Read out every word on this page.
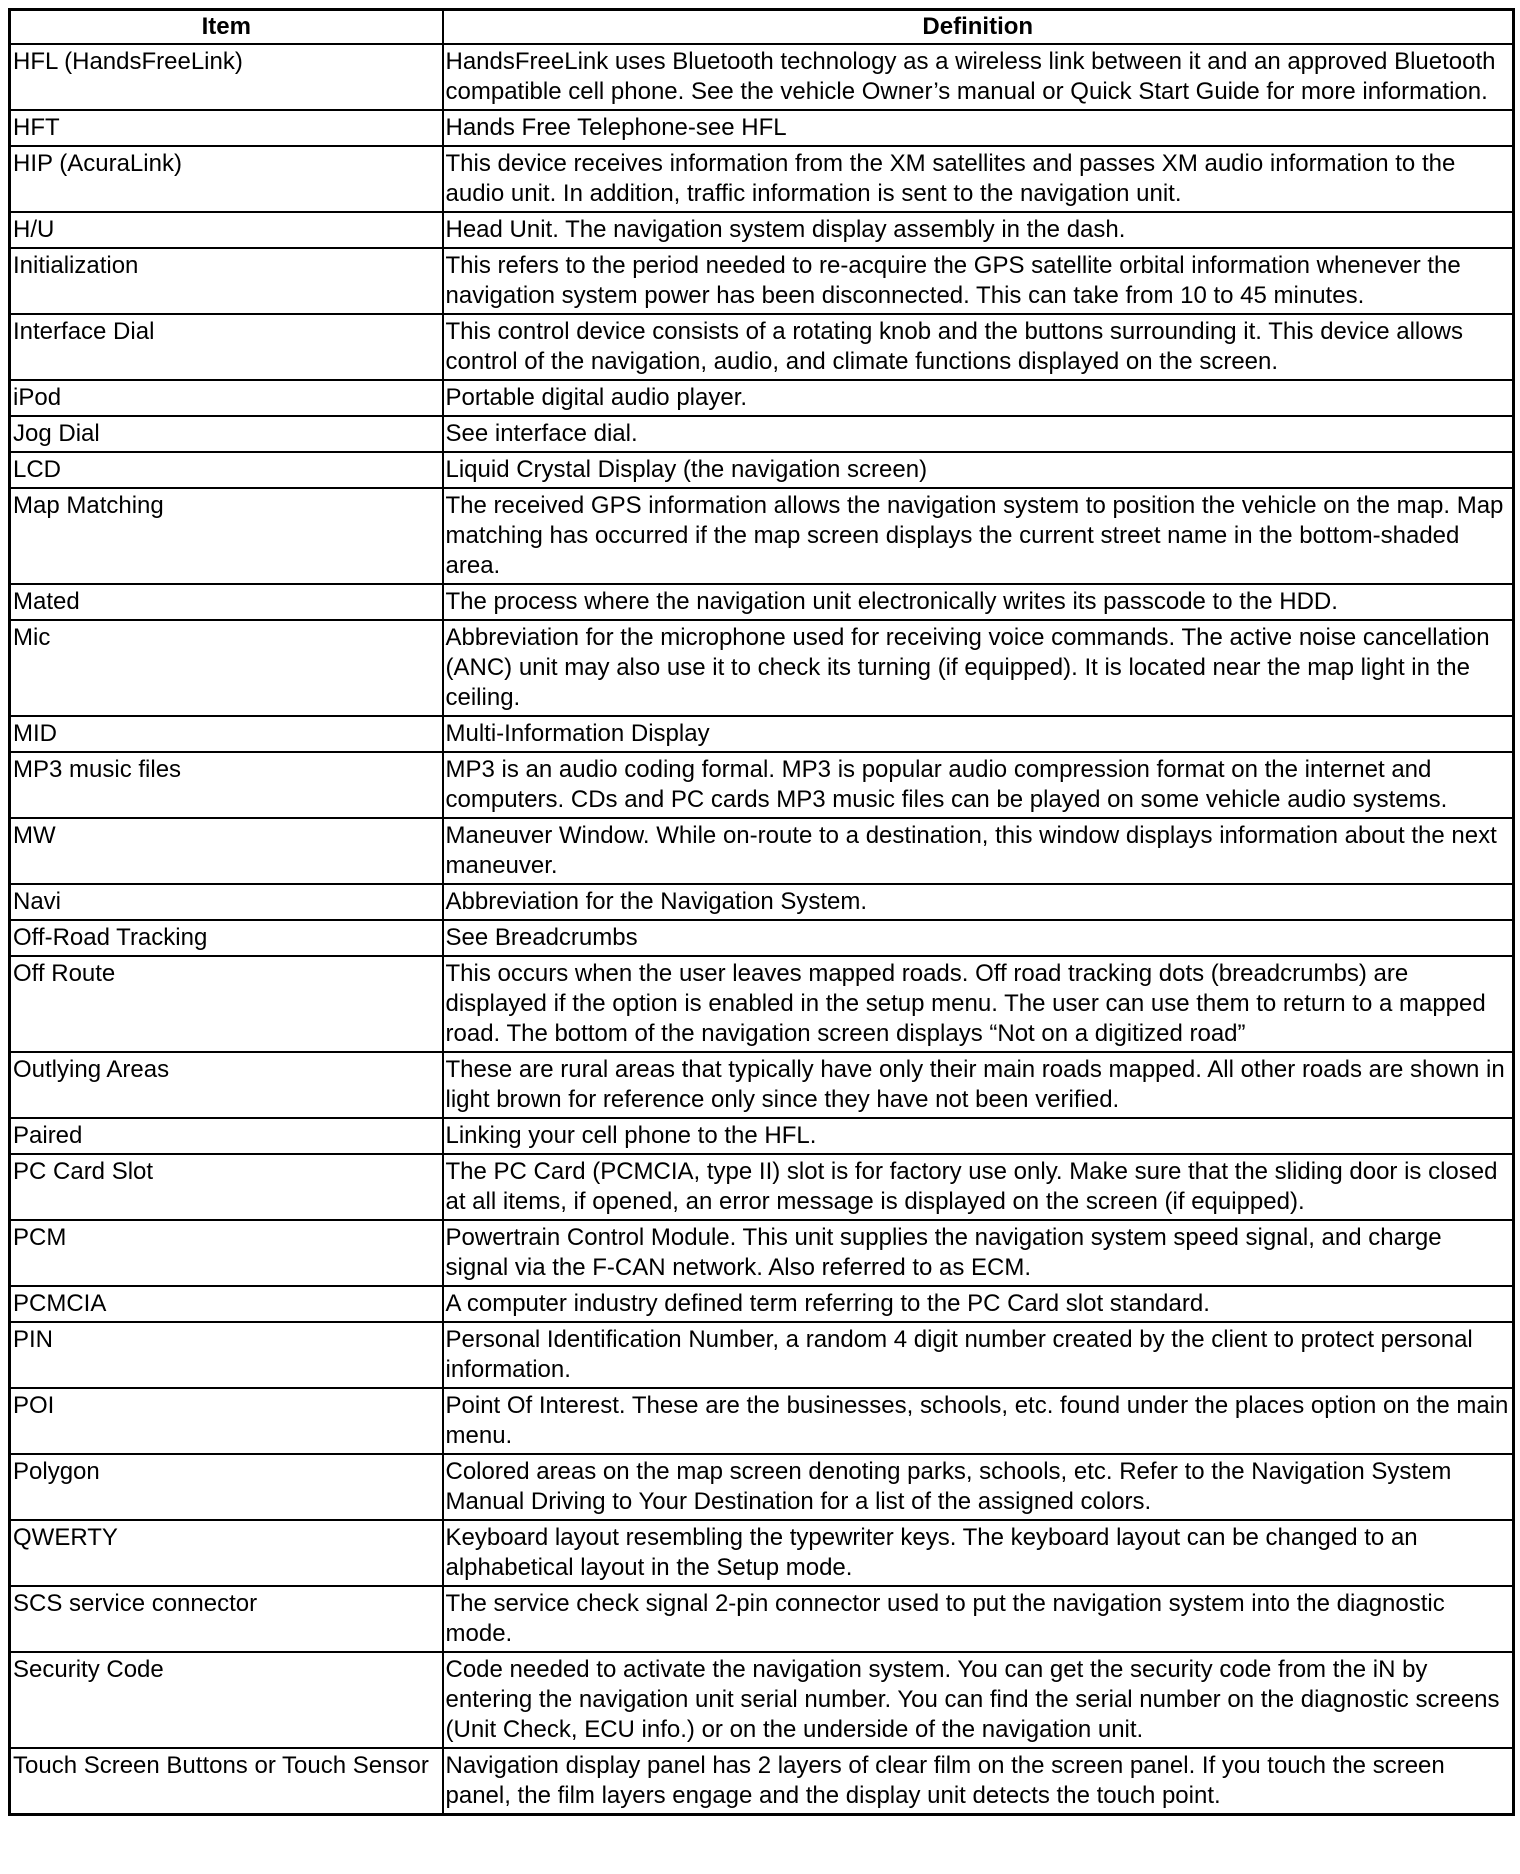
Item	Definition
HFL (HandsFreeLink)	HandsFreeLink uses Bluetooth technology as a wireless link between it and an approved Bluetooth compatible cell phone. See the vehicle Owner’s manual or Quick Start Guide for more information.
HFT	Hands Free Telephone-see HFL
HIP (AcuraLink)	This device receives information from the XM satellites and passes XM audio information to the audio unit. In addition, traffic information is sent to the navigation unit.
H/U	Head Unit. The navigation system display assembly in the dash.
Initialization	This refers to the period needed to re-acquire the GPS satellite orbital information whenever the navigation system power has been disconnected. This can take from 10 to 45 minutes.
Interface Dial	This control device consists of a rotating knob and the buttons surrounding it. This device allows control of the navigation, audio, and climate functions displayed on the screen.
iPod	Portable digital audio player.
Jog Dial	See interface dial.
LCD	Liquid Crystal Display (the navigation screen)
Map Matching	The received GPS information allows the navigation system to position the vehicle on the map. Map matching has occurred if the map screen displays the current street name in the bottom-shaded area.
Mated	The process where the navigation unit electronically writes its passcode to the HDD.
Mic	Abbreviation for the microphone used for receiving voice commands. The active noise cancellation (ANC) unit may also use it to check its turning (if equipped). It is located near the map light in the ceiling.
MID	Multi-Information Display
MP3 music files	MP3 is an audio coding formal. MP3 is popular audio compression format on the internet and computers. CDs and PC cards MP3 music files can be played on some vehicle audio systems.
MW	Maneuver Window. While on-route to a destination, this window displays information about the next maneuver.
Navi	Abbreviation for the Navigation System.
Off-Road Tracking	See Breadcrumbs
Off Route	This occurs when the user leaves mapped roads. Off road tracking dots (breadcrumbs) are displayed if the option is enabled in the setup menu. The user can use them to return to a mapped road. The bottom of the navigation screen displays “Not on a digitized road”
Outlying Areas	These are rural areas that typically have only their main roads mapped. All other roads are shown in light brown for reference only since they have not been verified.
Paired	Linking your cell phone to the HFL.
PC Card Slot	The PC Card (PCMCIA, type II) slot is for factory use only. Make sure that the sliding door is closed at all items, if opened, an error message is displayed on the screen (if equipped).
PCM	Powertrain Control Module. This unit supplies the navigation system speed signal, and charge signal via the F-CAN network. Also referred to as ECM.
PCMCIA	A computer industry defined term referring to the PC Card slot standard.
PIN	Personal Identification Number, a random 4 digit number created by the client to protect personal information.
POI	Point Of Interest. These are the businesses, schools, etc. found under the places option on the main menu.
Polygon	Colored areas on the map screen denoting parks, schools, etc. Refer to the Navigation System Manual Driving to Your Destination for a list of the assigned colors.
QWERTY	Keyboard layout resembling the typewriter keys. The keyboard layout can be changed to an alphabetical layout in the Setup mode.
SCS service connector	The service check signal 2-pin connector used to put the navigation system into the diagnostic mode.
Security Code	Code needed to activate the navigation system. You can get the security code from the iN by entering the navigation unit serial number. You can find the serial number on the diagnostic screens (Unit Check, ECU info.) or on the underside of the navigation unit.
Touch Screen Buttons or Touch Sensor	Navigation display panel has 2 layers of clear film on the screen panel. If you touch the screen panel, the film layers engage and the display unit detects the touch point.
